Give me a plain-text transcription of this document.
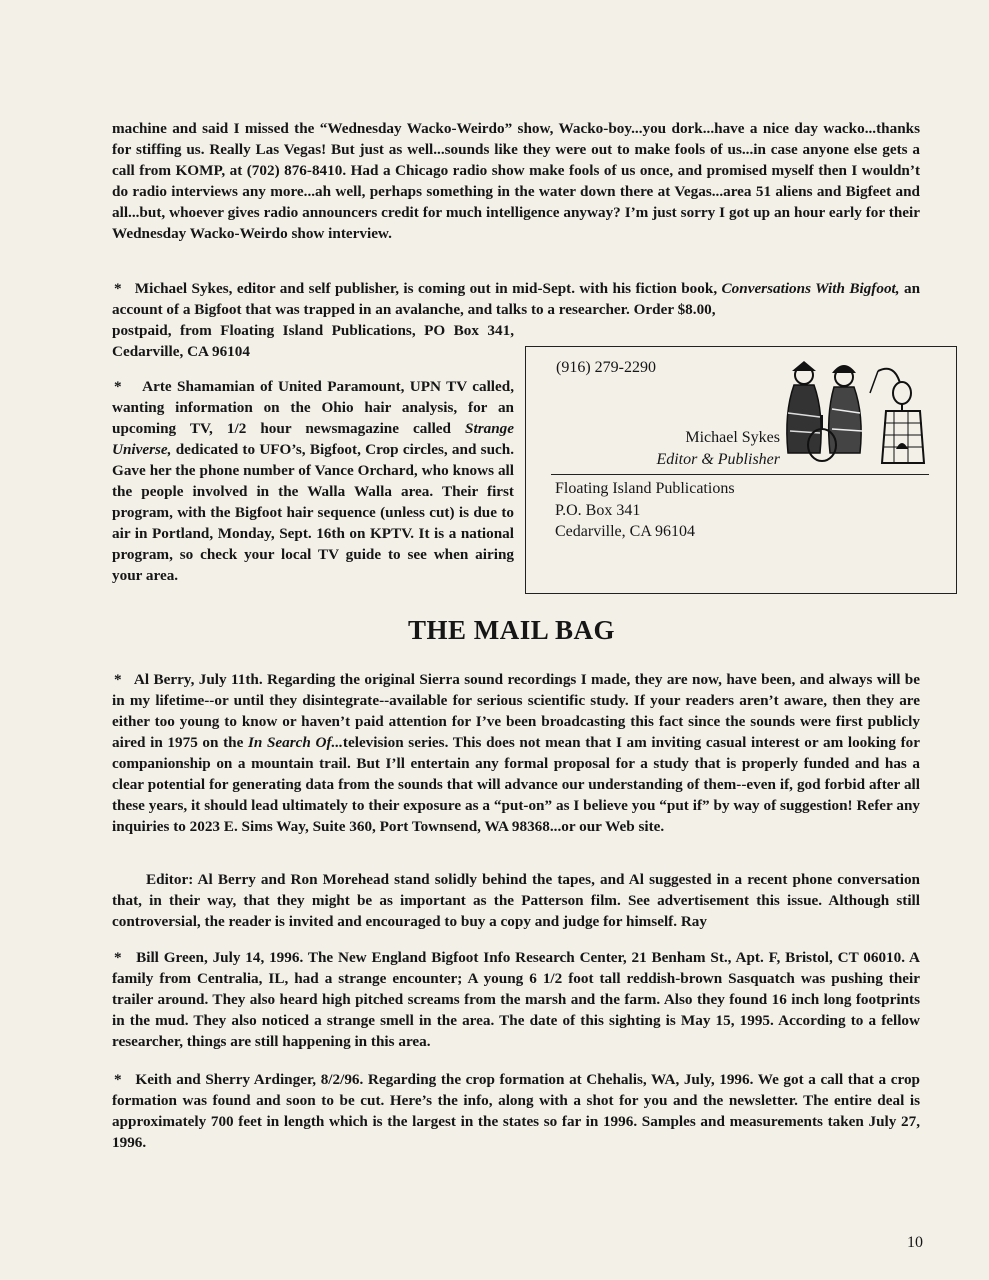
machine and said I missed the “Wednesday Wacko-Weirdo” show, Wacko-boy...you dork...have a nice day wacko...thanks for stiffing us. Really Las Vegas! But just as well...sounds like they were out to make fools of us...in case anyone else gets a call from KOMP, at (702) 876-8410. Had a Chicago radio show make fools of us once, and promised myself then I wouldn’t do radio interviews any more...ah well, perhaps something in the water down there at Vegas...area 51 aliens and Bigfeet and all...but, whoever gives radio announcers credit for much intelligence anyway? I’m just sorry I got up an hour early for their Wednesday Wacko-Weirdo show interview.

*   Michael Sykes, editor and self publisher, is coming out in mid-Sept. with his fiction book, Conversations With Bigfoot, an account of a Bigfoot that was trapped in an avalanche, and talks to a researcher. Order $8.00,

postpaid, from Floating Island Publications, PO Box 341, Cedarville, CA 96104

*    Arte Shamamian of United Paramount, UPN TV called, wanting information on the Ohio hair analysis, for an upcoming TV, 1/2 hour newsmagazine called Strange Universe, dedicated to UFO’s, Bigfoot, Crop circles, and such. Gave her the phone number of Vance Orchard, who knows all the people involved in the Walla Walla area. Their first program, with the Bigfoot hair sequence (unless cut) is due to air in Portland, Monday, Sept. 16th on KPTV. It is a national program, so check your local TV guide to see when airing your area.

(916) 279-2290
Michael Sykes
Editor & Publisher
Floating Island Publications
P.O. Box 341
Cedarville, CA 96104
THE MAIL BAG

*   Al Berry, July 11th. Regarding the original Sierra sound recordings I made, they are now, have been, and always will be in my lifetime--or until they disintegrate--available for serious scientific study. If your readers aren’t aware, then they are either too young to know or haven’t paid attention for I’ve been broadcasting this fact since the sounds were first publicly aired in 1975 on the In Search Of...television series. This does not mean that I am inviting casual interest or am looking for companionship on a mountain trail. But I’ll entertain any formal proposal for a study that is properly funded and has a clear potential for generating data from the sounds that will advance our understanding of them--even if, god forbid after all these years, it should lead ultimately to their exposure as a “put-on” as I believe you “put if” by way of suggestion! Refer any inquiries to 2023 E. Sims Way, Suite 360, Port Townsend, WA 98368...or our Web site.

Editor: Al Berry and Ron Morehead stand solidly behind the tapes, and Al suggested in a recent phone conversation that, in their way, that they might be as important as the Patterson film. See advertisement this issue. Although still controversial, the reader is invited and encouraged to buy a copy and judge for himself. Ray

*   Bill Green, July 14, 1996. The New England Bigfoot Info Research Center, 21 Benham St., Apt. F, Bristol, CT 06010. A family from Centralia, IL, had a strange encounter; A young 6 1/2 foot tall reddish-brown Sasquatch was pushing their trailer around. They also heard high pitched screams from the marsh and the farm. Also they found 16 inch long footprints in the mud. They also noticed a strange smell in the area. The date of this sighting is May 15, 1995. According to a fellow researcher, things are still happening in this area.

*   Keith and Sherry Ardinger, 8/2/96. Regarding the crop formation at Chehalis, WA, July, 1996. We got a call that a crop formation was found and soon to be cut. Here’s the info, along with a shot for you and the newsletter. The entire deal is approximately 700 feet in length which is the largest in the states so far in 1996. Samples and measurements taken July 27, 1996.

10
